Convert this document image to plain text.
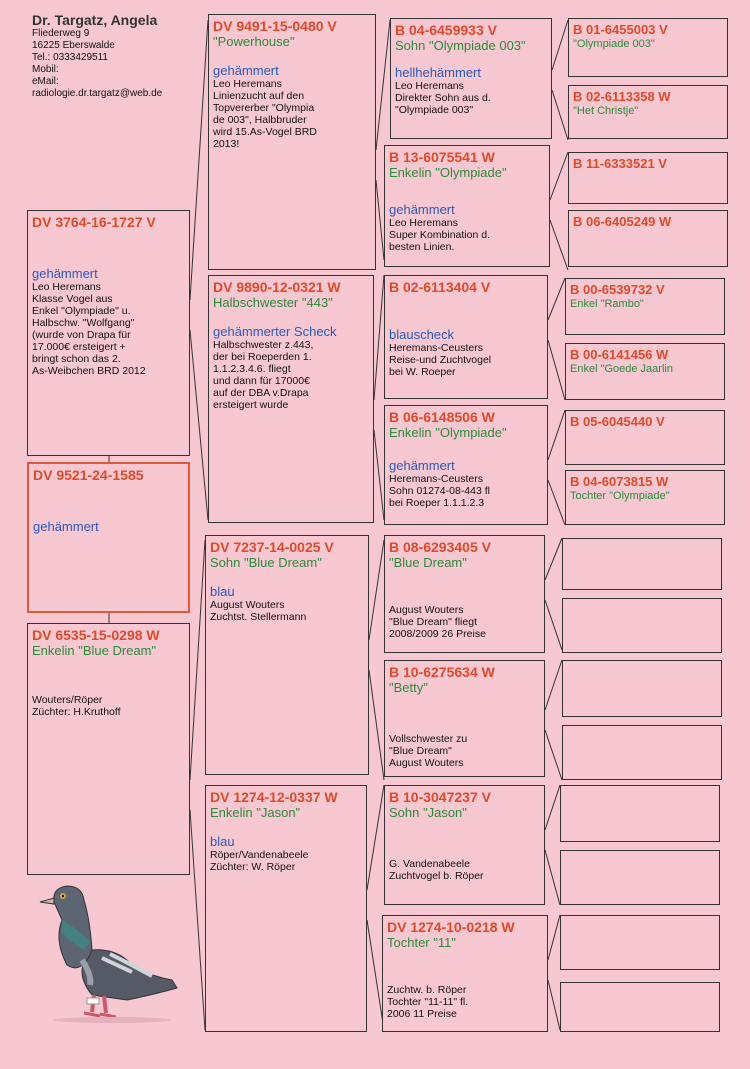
Dr. Targatz, Angela
Fliederweg 9
16225 Eberswalde
Tel.: 0333429511
Mobil:
eMail:
radiologie.dr.targatz@web.de
DV 3764-16-1727 V
gehämmert
Leo Heremans
Klasse Vogel aus
Enkel "Olympiade" u.
Halbschw. "Wolfgang"
(wurde von Drapa für
17.000€ ersteigert +
bringt schon das 2.
As-Weibchen BRD 2012
DV 9521-24-1585
gehämmert
DV 6535-15-0298 W
Enkelin "Blue Dream"
Wouters/Röper
Züchter: H.Kruthoff
DV 9491-15-0480 V
"Powerhouse"
gehämmert
Leo Heremans
Linienzucht auf den
Topvererber "Olympia
de 003", Halbbruder
wird 15.As-Vogel BRD
2013!
DV 9890-12-0321 W
Halbschwester "443"
gehämmerter Scheck
Halbschwester z.443,
der bei Roeperden 1.
1.1.2.3.4.6. fliegt
und dann für 17000€
auf der DBA v.Drapa
ersteigert wurde
DV 7237-14-0025 V
Sohn "Blue Dream"
blau
August Wouters
Zuchtst. Stellermann
DV 1274-12-0337 W
Enkelin "Jason"
blau
Röper/Vandenabeele
Züchter: W. Röper
B 04-6459933 V
Sohn "Olympiade 003"
hellhehämmert
Leo Heremans
Direkter Sohn aus d.
"Olympiade 003"
B 13-6075541 W
Enkelin "Olympiade"
gehämmert
Leo Heremans
Super Kombination d.
besten Linien.
B 02-6113404 V
blauscheck
Heremans-Ceusters
Reise-und Zuchtvogel
bei W. Roeper
B 06-6148506 W
Enkelin "Olympiade"
gehämmert
Heremans-Ceusters
Sohn 01274-08-443 fl
bei Roeper 1.1.1.2.3
B 08-6293405 V
"Blue Dream"
August Wouters
"Blue Dream" fliegt
2008/2009 26 Preise
B 10-6275634 W
"Betty"
Vollschwester zu
"Blue Dream"
August Wouters
B 10-3047237 V
Sohn "Jason"
G. Vandenabeele
Zuchtvogel b. Röper
DV 1274-10-0218 W
Tochter "11"
Zuchtw. b. Röper
Tochter "11-11" fl.
2006 11 Preise
B 01-6455003 V
"Olympiade 003"
B 02-6113358 W
"Het Christje"
B 11-6333521 V
B 06-6405249 W
B 00-6539732 V
Enkel "Rambo"
B 00-6141456 W
Enkel "Goede Jaarlin
B 05-6045440 V
B 04-6073815 W
Tochter "Olympiade"
